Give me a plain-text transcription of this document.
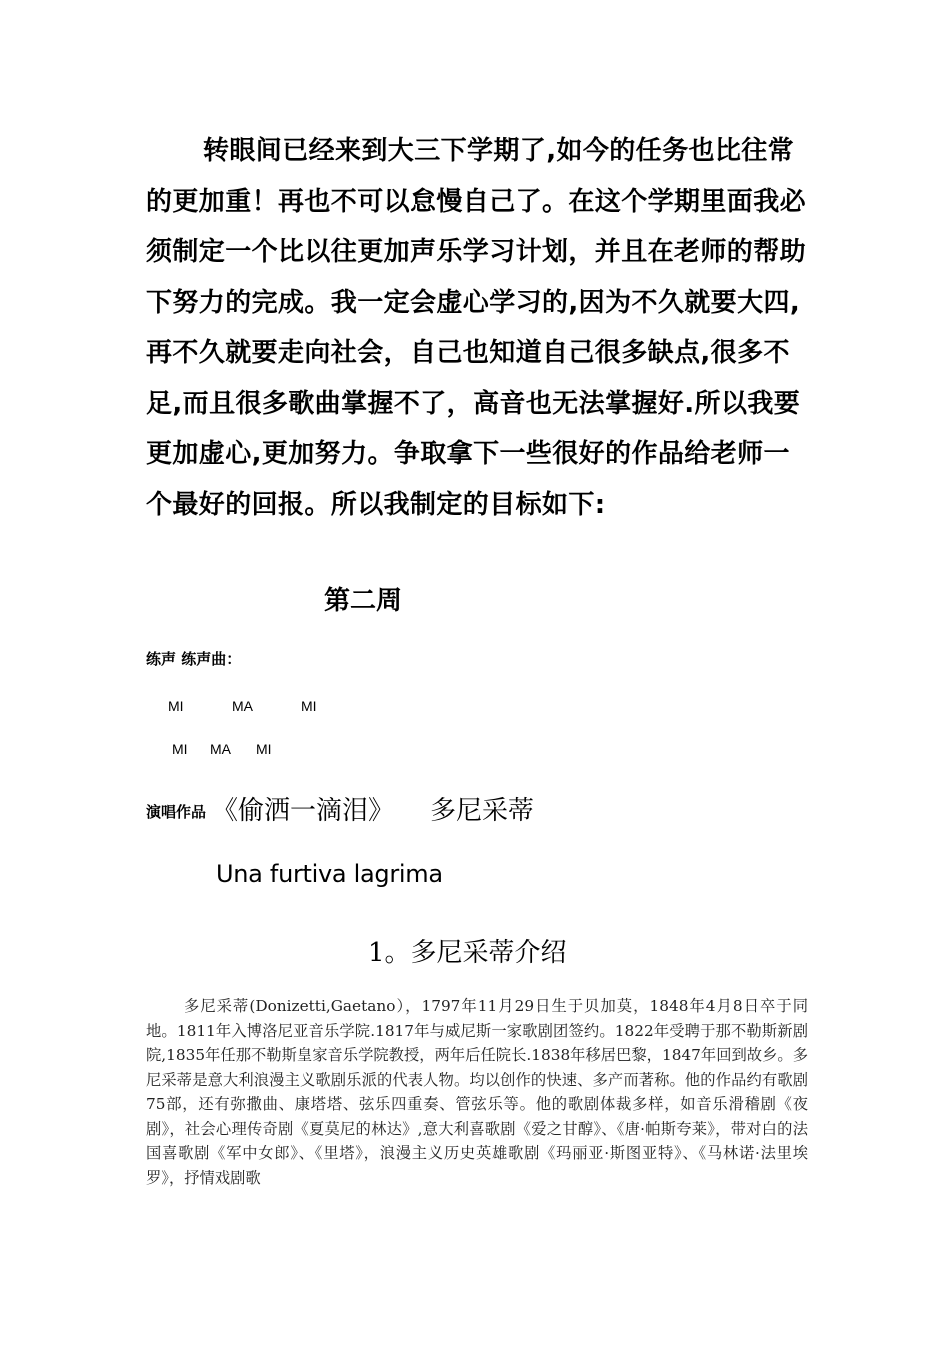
转眼间已经来到大三下学期了,如今的任务也比往常的更加重！再也不可以怠慢自己了。在这个学期里面我必须制定一个比以往更加声乐学习计划，并且在老师的帮助下努力的完成。我一定会虚心学习的,因为不久就要大四,再不久就要走向社会，自己也知道自己很多缺点,很多不足,而且很多歌曲掌握不了，高音也无法掌握好.所以我要更加虚心,更加努力。争取拿下一些很好的作品给老师一个最好的回报。所以我制定的目标如下:

第二周

练声 练声曲：

MI	MA	MI
MI MA MI

演唱作品 《偷洒一滴泪》 多尼采蒂

Una furtiva lagrima

1。多尼采蒂介绍

多尼采蒂(Donizetti,Gaetano），1797年11月29日生于贝加莫，1848年4月8日卒于同地。1811年入博洛尼亚音乐学院.1817年与威尼斯一家歌剧团签约。1822年受聘于那不勒斯新剧院,1835年任那不勒斯皇家音乐学院教授，两年后任院长.1838年移居巴黎，1847年回到故乡。多尼采蒂是意大利浪漫主义歌剧乐派的代表人物。均以创作的快速、多产而著称。他的作品约有歌剧75部，还有弥撒曲、康塔塔、弦乐四重奏、管弦乐等。他的歌剧体裁多样，如音乐滑稽剧《夜剧》，社会心理传奇剧《夏莫尼的林达》,意大利喜歌剧《爱之甘醇》、《唐·帕斯夸莱》，带对白的法国喜歌剧《军中女郎》、《里塔》，浪漫主义历史英雄歌剧《玛丽亚·斯图亚特》、《马林诺·法里埃罗》，抒情戏剧歌
